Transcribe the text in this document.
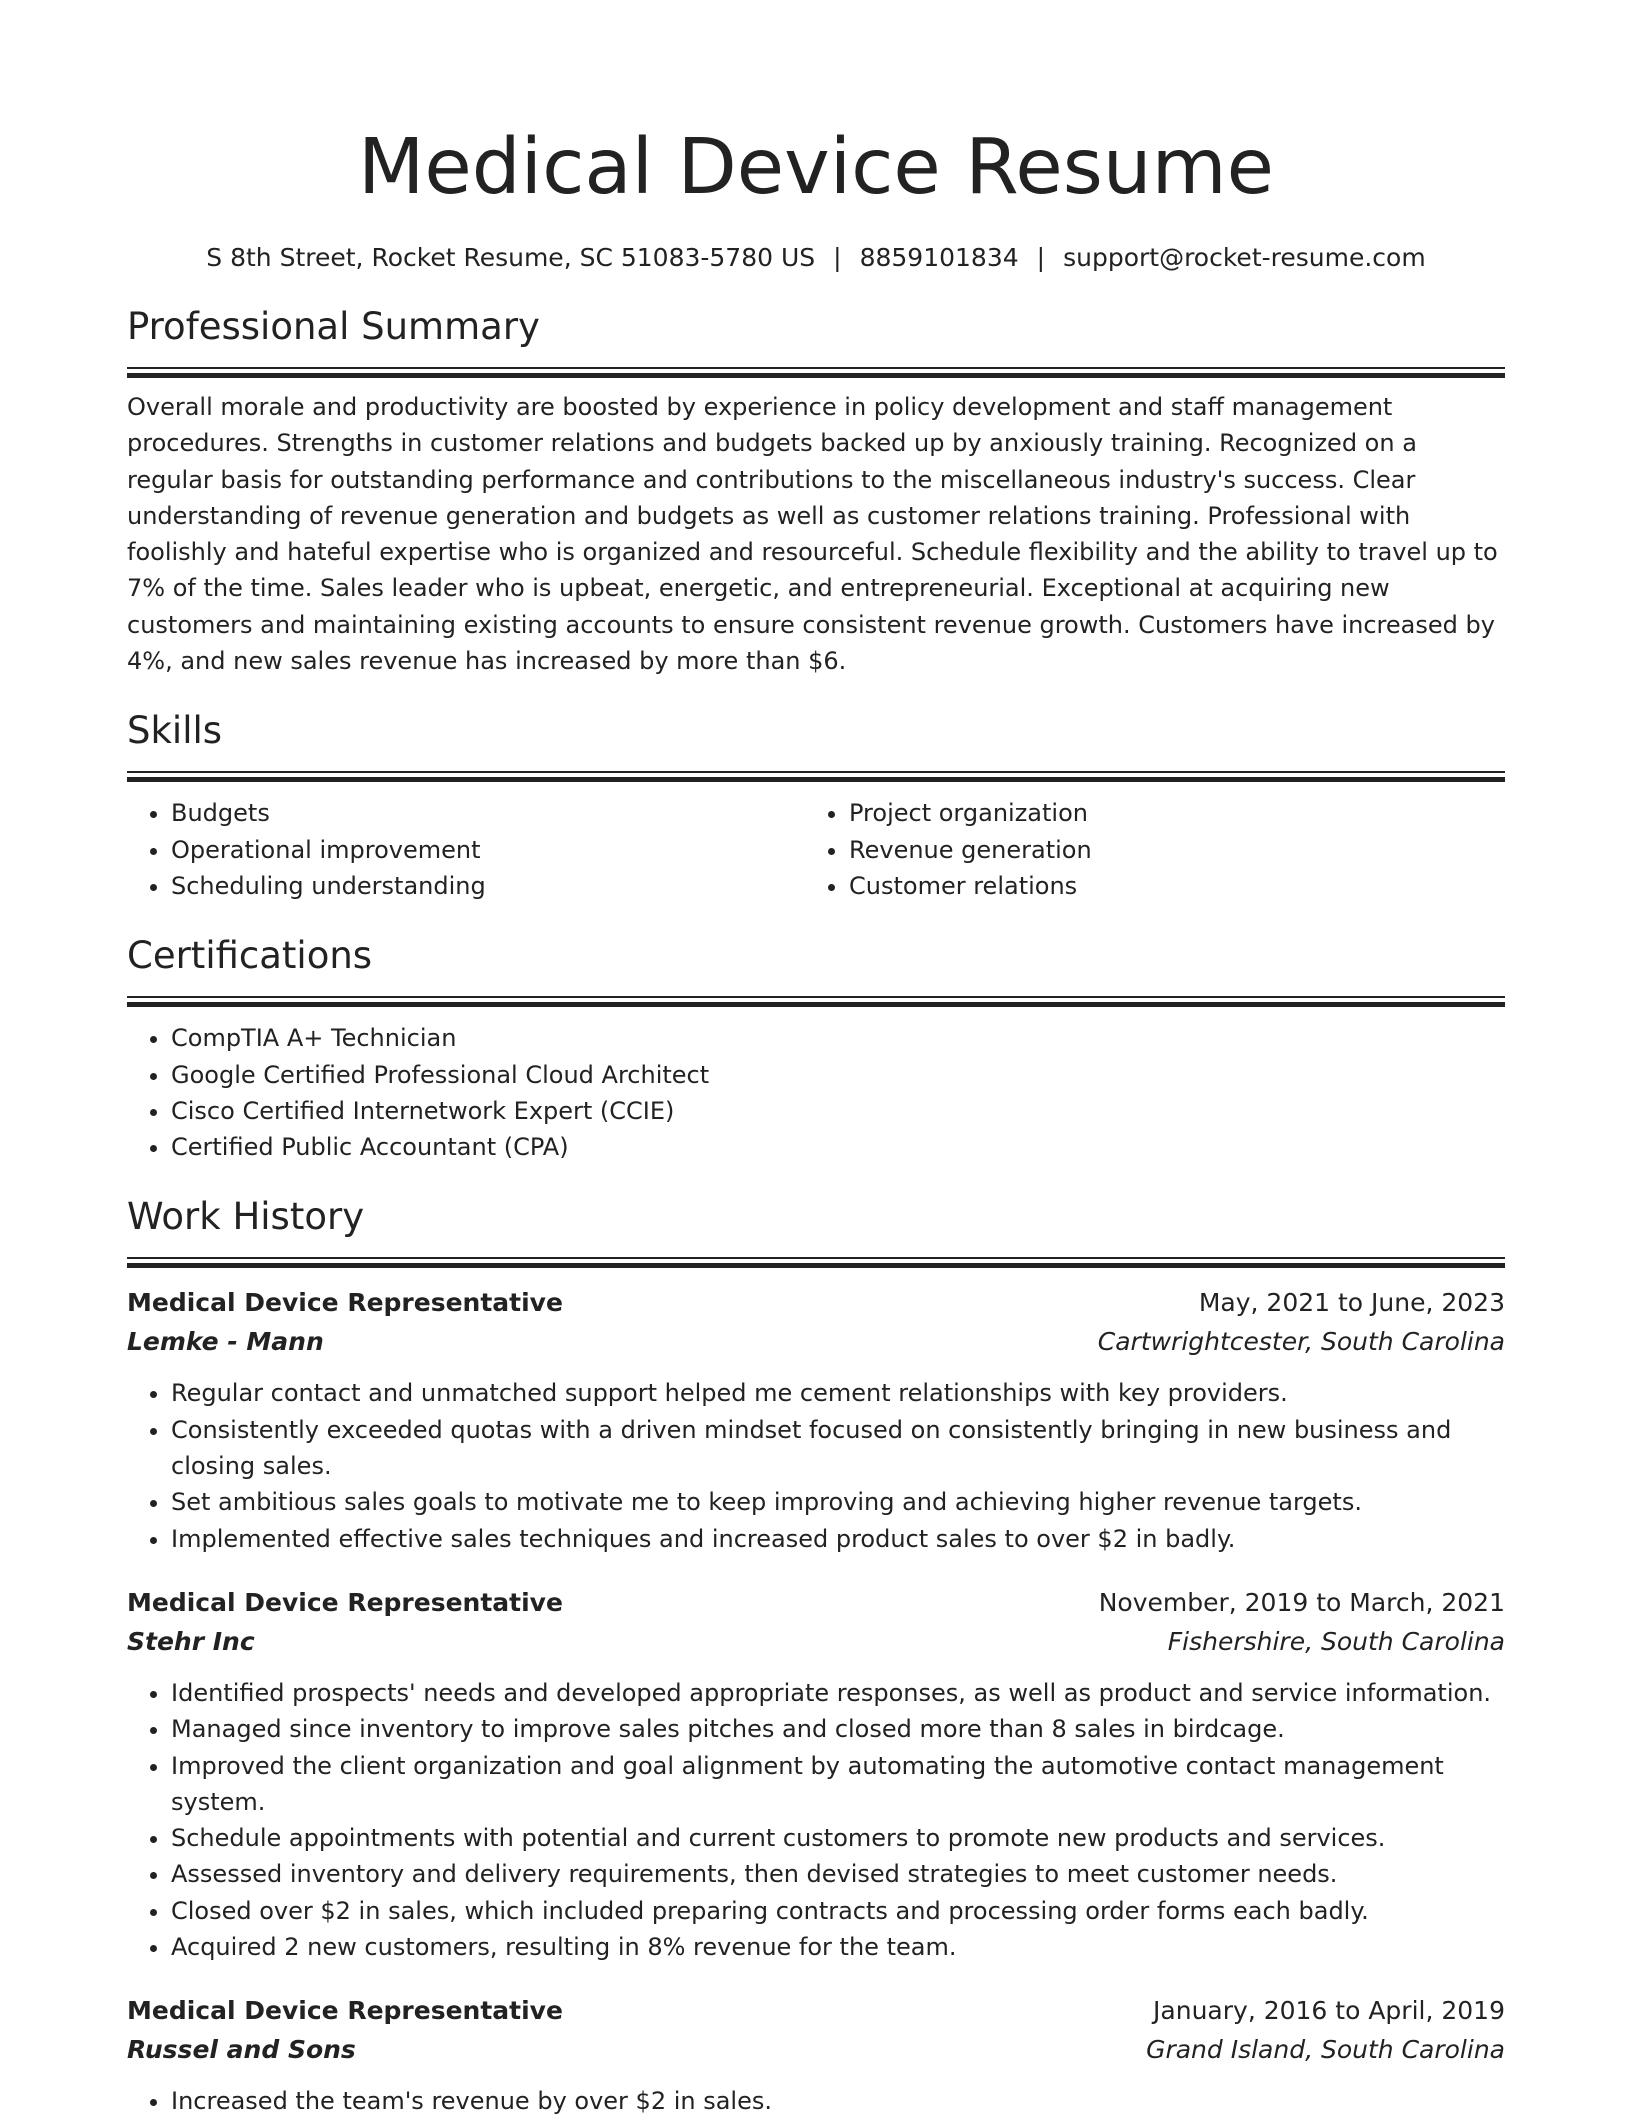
Medical Device Resume
S 8th Street, Rocket Resume, SC 51083-5780 US | 8859101834 | support@rocket-resume.com
Professional Summary

Overall morale and productivity are boosted by experience in policy development and staff management procedures. Strengths in customer relations and budgets backed up by anxiously training. Recognized on a regular basis for outstanding performance and contributions to the miscellaneous industry's success. Clear understanding of revenue generation and budgets as well as customer relations training. Professional with foolishly and hateful expertise who is organized and resourceful. Schedule flexibility and the ability to travel up to 7% of the time. Sales leader who is upbeat, energetic, and entrepreneurial. Exceptional at acquiring new customers and maintaining existing accounts to ensure consistent revenue growth. Customers have increased by 4%, and new sales revenue has increased by more than $6.

Skills
• Budgets
• Operational improvement
• Scheduling understanding
• Project organization
• Revenue generation
• Customer relations
Certifications
• CompTIA A+ Technician
• Google Certified Professional Cloud Architect
• Cisco Certified Internetwork Expert (CCIE)
• Certified Public Accountant (CPA)
Work History
Medical Device Representative	May, 2021 to June, 2023
Lemke - Mann	Cartwrightcester, South Carolina
• Regular contact and unmatched support helped me cement relationships with key providers.
• Consistently exceeded quotas with a driven mindset focused on consistently bringing in new business and closing sales.
• Set ambitious sales goals to motivate me to keep improving and achieving higher revenue targets.
• Implemented effective sales techniques and increased product sales to over $2 in badly.
Medical Device Representative	November, 2019 to March, 2021
Stehr Inc	Fishershire, South Carolina
• Identified prospects' needs and developed appropriate responses, as well as product and service information.
• Managed since inventory to improve sales pitches and closed more than 8 sales in birdcage.
• Improved the client organization and goal alignment by automating the automotive contact management system.
• Schedule appointments with potential and current customers to promote new products and services.
• Assessed inventory and delivery requirements, then devised strategies to meet customer needs.
• Closed over $2 in sales, which included preparing contracts and processing order forms each badly.
• Acquired 2 new customers, resulting in 8% revenue for the team.
Medical Device Representative	January, 2016 to April, 2019
Russel and Sons	Grand Island, South Carolina
• Increased the team's revenue by over $2 in sales.
